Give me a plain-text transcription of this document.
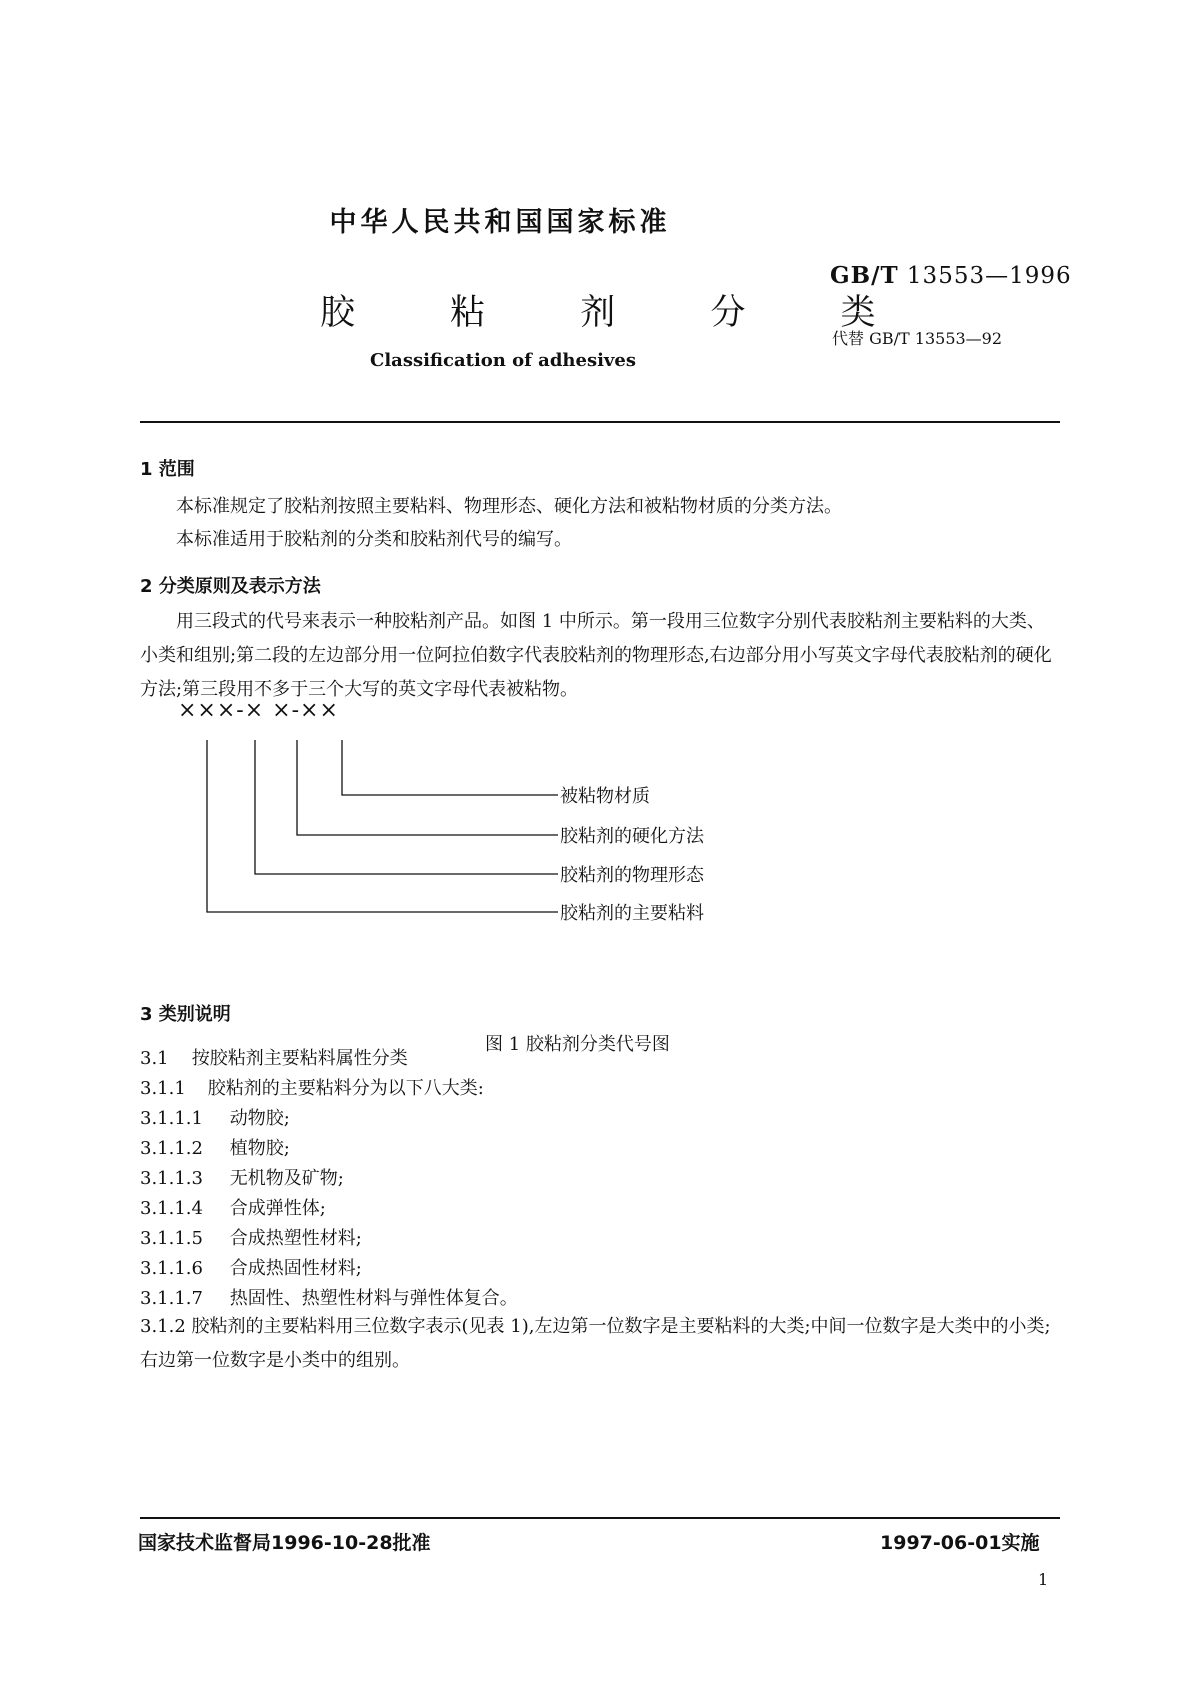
中华人民共和国国家标准
GB/T 13553—1996
胶 粘 剂 分 类
代替 GB/T 13553—92
Classification of adhesives
1 范围
本标准规定了胶粘剂按照主要粘料、物理形态、硬化方法和被粘物材质的分类方法。
本标准适用于胶粘剂的分类和胶粘剂代号的编写。
2 分类原则及表示方法
用三段式的代号来表示一种胶粘剂产品。如图 1 中所示。第一段用三位数字分别代表胶粘剂主要粘料的大类、小类和组别;第二段的左边部分用一位阿拉伯数字代表胶粘剂的物理形态,右边部分用小写英文字母代表胶粘剂的硬化方法;第三段用不多于三个大写的英文字母代表被粘物。
×××-× ×-××
被粘物材质
胶粘剂的硬化方法
胶粘剂的物理形态
胶粘剂的主要粘料
图 1 胶粘剂分类代号图
3 类别说明
3.1 按胶粘剂主要粘料属性分类
3.1.1 胶粘剂的主要粘料分为以下八大类:
3.1.1.1 动物胶;
3.1.1.2 植物胶;
3.1.1.3 无机物及矿物;
3.1.1.4 合成弹性体;
3.1.1.5 合成热塑性材料;
3.1.1.6 合成热固性材料;
3.1.1.7 热固性、热塑性材料与弹性体复合。
3.1.2 胶粘剂的主要粘料用三位数字表示(见表 1),左边第一位数字是主要粘料的大类;中间一位数字是大类中的小类;右边第一位数字是小类中的组别。
国家技术监督局1996-10-28批准	1997-06-01实施
1
